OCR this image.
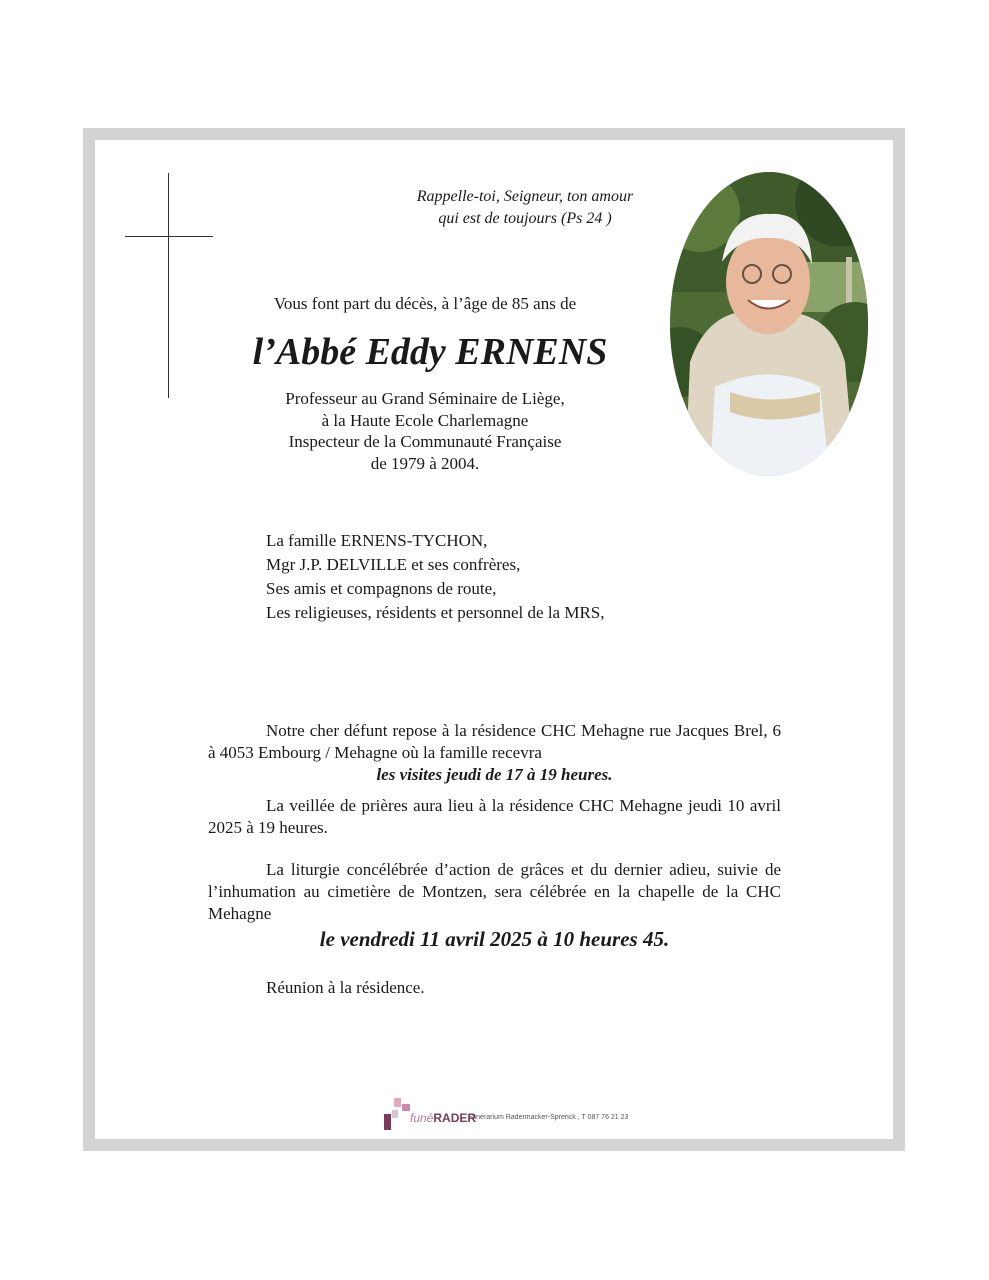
Rappelle-toi, Seigneur, ton amour
qui est de toujours (Ps 24 )
Vous font part du décès, à l’âge de 85 ans de
l’Abbé Eddy ERNENS
Professeur au Grand Séminaire de Liège,
à la Haute Ecole Charlemagne
Inspecteur de la Communauté Française
de 1979 à 2004.
La famille ERNENS-TYCHON,
Mgr J.P. DELVILLE et ses confrères,
Ses amis et compagnons de route,
Les religieuses, résidents et personnel de la MRS,

Notre cher défunt repose à la résidence CHC Mehagne rue Jacques Brel, 6 à 4053 Embourg / Mehagne où la famille recevra

les visites jeudi de 17 à 19 heures.

La veillée de prières aura lieu à la résidence CHC Mehagne jeudi 10 avril 2025 à 19 heures.

La liturgie concélébrée d’action de grâces et du dernier adieu, suivie de l’inhumation au cimetière de Montzen, sera célébrée en la chapelle de la CHC Mehagne

le vendredi 11 avril 2025 à 10 heures 45.

Réunion à la résidence.
funéRADER
Funérarium Radermacker-Sprenck , T 087 76 21 23
